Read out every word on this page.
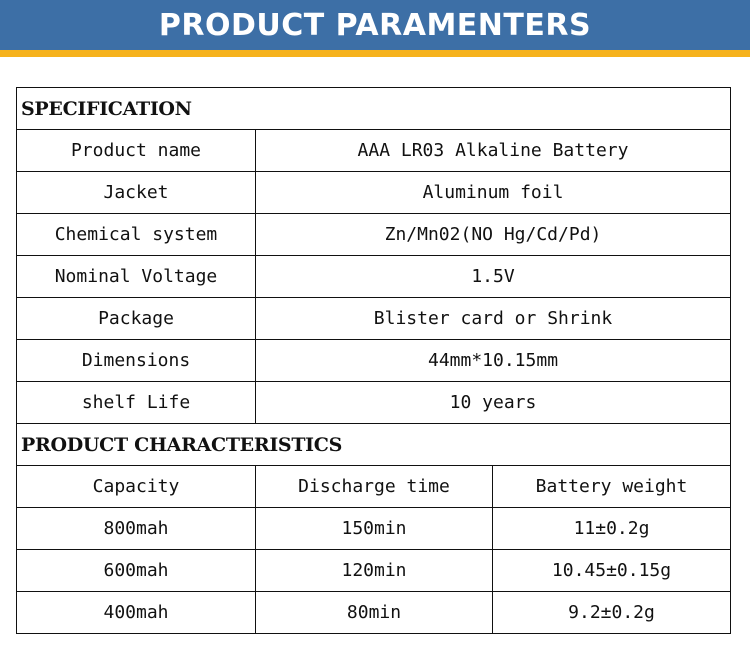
PRODUCT PARAMENTERS
SPECIFICATION		
Product name	AAA LR03 Alkaline Battery	
Jacket	Aluminum foil	
Chemical system	Zn/Mn02(NO Hg/Cd/Pd)	
Nominal Voltage	1.5V	
Package	Blister card or Shrink	
Dimensions	44mm*10.15mm	
shelf Life	10 years	
PRODUCT CHARACTERISTICS		
Capacity	Discharge time	Battery weight
800mah	150min	11±0.2g
600mah	120min	10.45±0.15g
400mah	80min	9.2±0.2g
